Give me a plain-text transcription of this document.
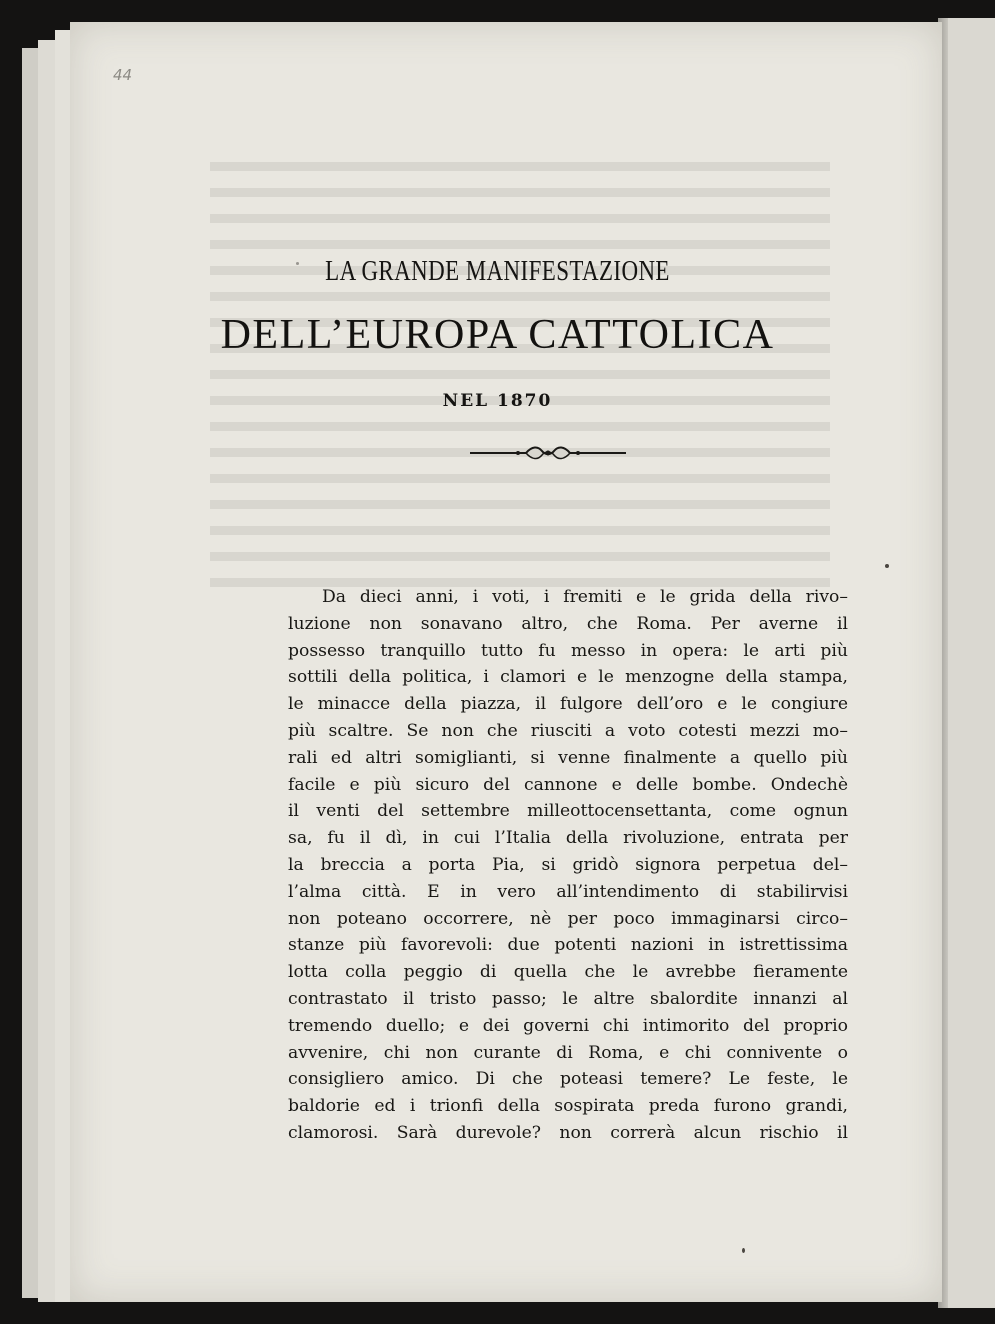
44
LA GRANDE MANIFESTAZIONE
DELL’EUROPA CATTOLICA
NEL 1870
Da dieci anni, i voti, i fremiti e le grida della rivo–
luzione non sonavano altro, che Roma. Per averne il
possesso tranquillo tutto fu messo in opera: le arti più
sottili della politica, i clamori e le menzogne della stampa,
le minacce della piazza, il fulgore dell’oro e le congiure
più scaltre. Se non che riusciti a voto cotesti mezzi mo–
rali ed altri somiglianti, si venne finalmente a quello più
facile e più sicuro del cannone e delle bombe. Ondechè
il venti del settembre milleottocensettanta, come ognun
sa, fu il dì, in cui l’Italia della rivoluzione, entrata per
la breccia a porta Pia, si gridò signora perpetua del–
l’alma città. E in vero all’intendimento di stabilirvisi
non poteano occorrere, nè per poco immaginarsi circo–
stanze più favorevoli: due potenti nazioni in istrettissima
lotta colla peggio di quella che le avrebbe fieramente
contrastato il tristo passo; le altre sbalordite innanzi al
tremendo duello; e dei governi chi intimorito del proprio
avvenire, chi non curante di Roma, e chi connivente o
consigliero amico. Di che poteasi temere? Le feste, le
baldorie ed i trionfi della sospirata preda furono grandi,
clamorosi. Sarà durevole? non correrà alcun rischio il
